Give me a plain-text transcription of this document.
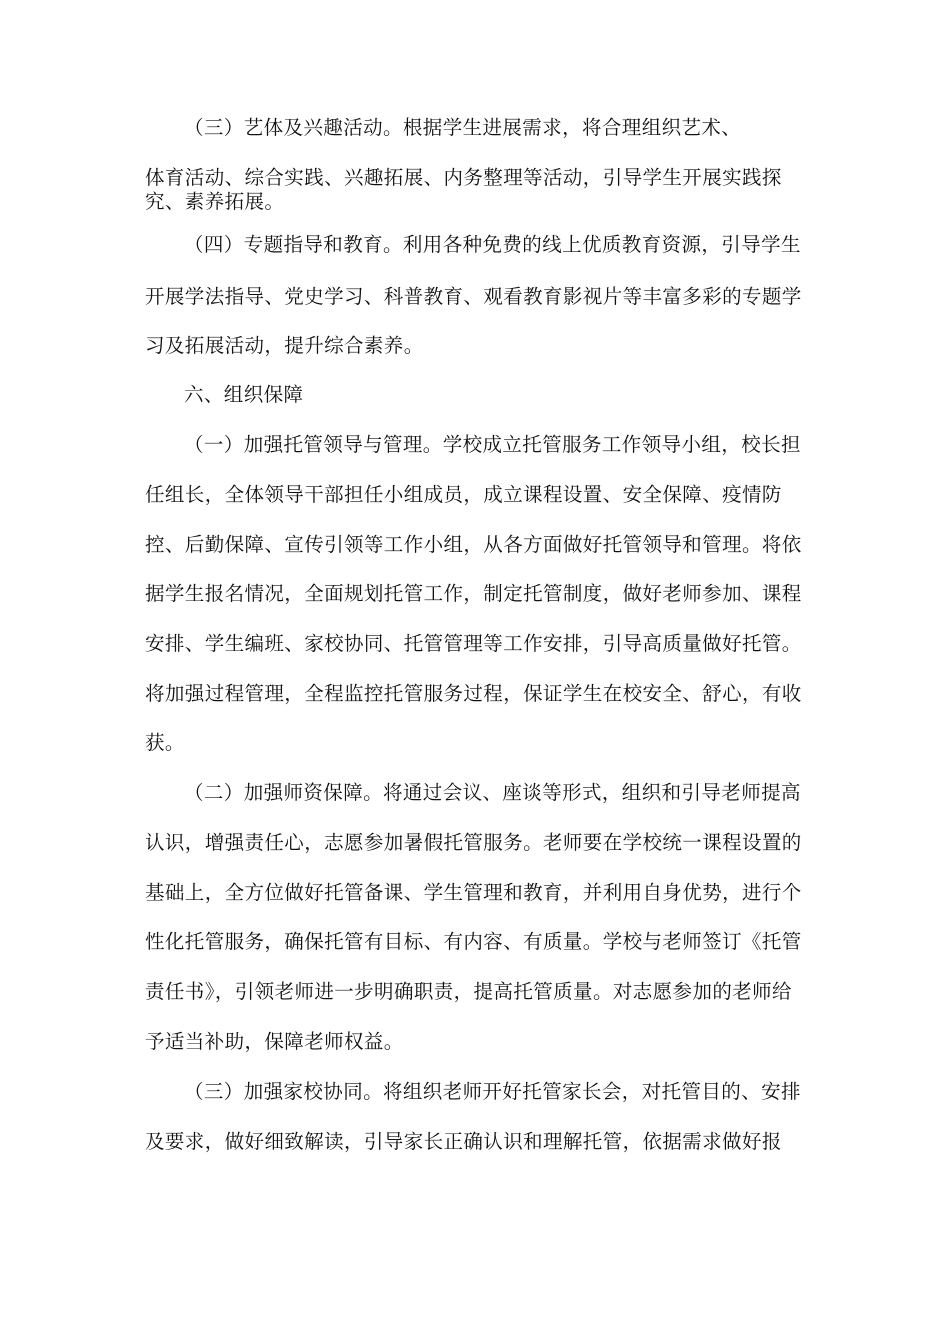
（三）艺体及兴趣活动。根据学生进展需求，将合理组织艺术、
体育活动、综合实践、兴趣拓展、内务整理等活动，引导学生开展实践探
究、素养拓展。
（四）专题指导和教育。利用各种免费的线上优质教育资源，引导学生
开展学法指导、党史学习、科普教育、观看教育影视片等丰富多彩的专题学
习及拓展活动，提升综合素养。
六、组织保障
（一）加强托管领导与管理。学校成立托管服务工作领导小组，校长担
任组长，全体领导干部担任小组成员，成立课程设置、安全保障、疫情防
控、后勤保障、宣传引领等工作小组，从各方面做好托管领导和管理。将依
据学生报名情况，全面规划托管工作，制定托管制度，做好老师参加、课程
安排、学生编班、家校协同、托管管理等工作安排，引导高质量做好托管。
将加强过程管理，全程监控托管服务过程，保证学生在校安全、舒心，有收
获。
（二）加强师资保障。将通过会议、座谈等形式，组织和引导老师提高
认识，增强责任心，志愿参加暑假托管服务。老师要在学校统一课程设置的
基础上，全方位做好托管备课、学生管理和教育，并利用自身优势，进行个
性化托管服务，确保托管有目标、有内容、有质量。学校与老师签订《托管
责任书》，引领老师进一步明确职责，提高托管质量。对志愿参加的老师给
予适当补助，保障老师权益。
（三）加强家校协同。将组织老师开好托管家长会，对托管目的、安排
及要求，做好细致解读，引导家长正确认识和理解托管，依据需求做好报
